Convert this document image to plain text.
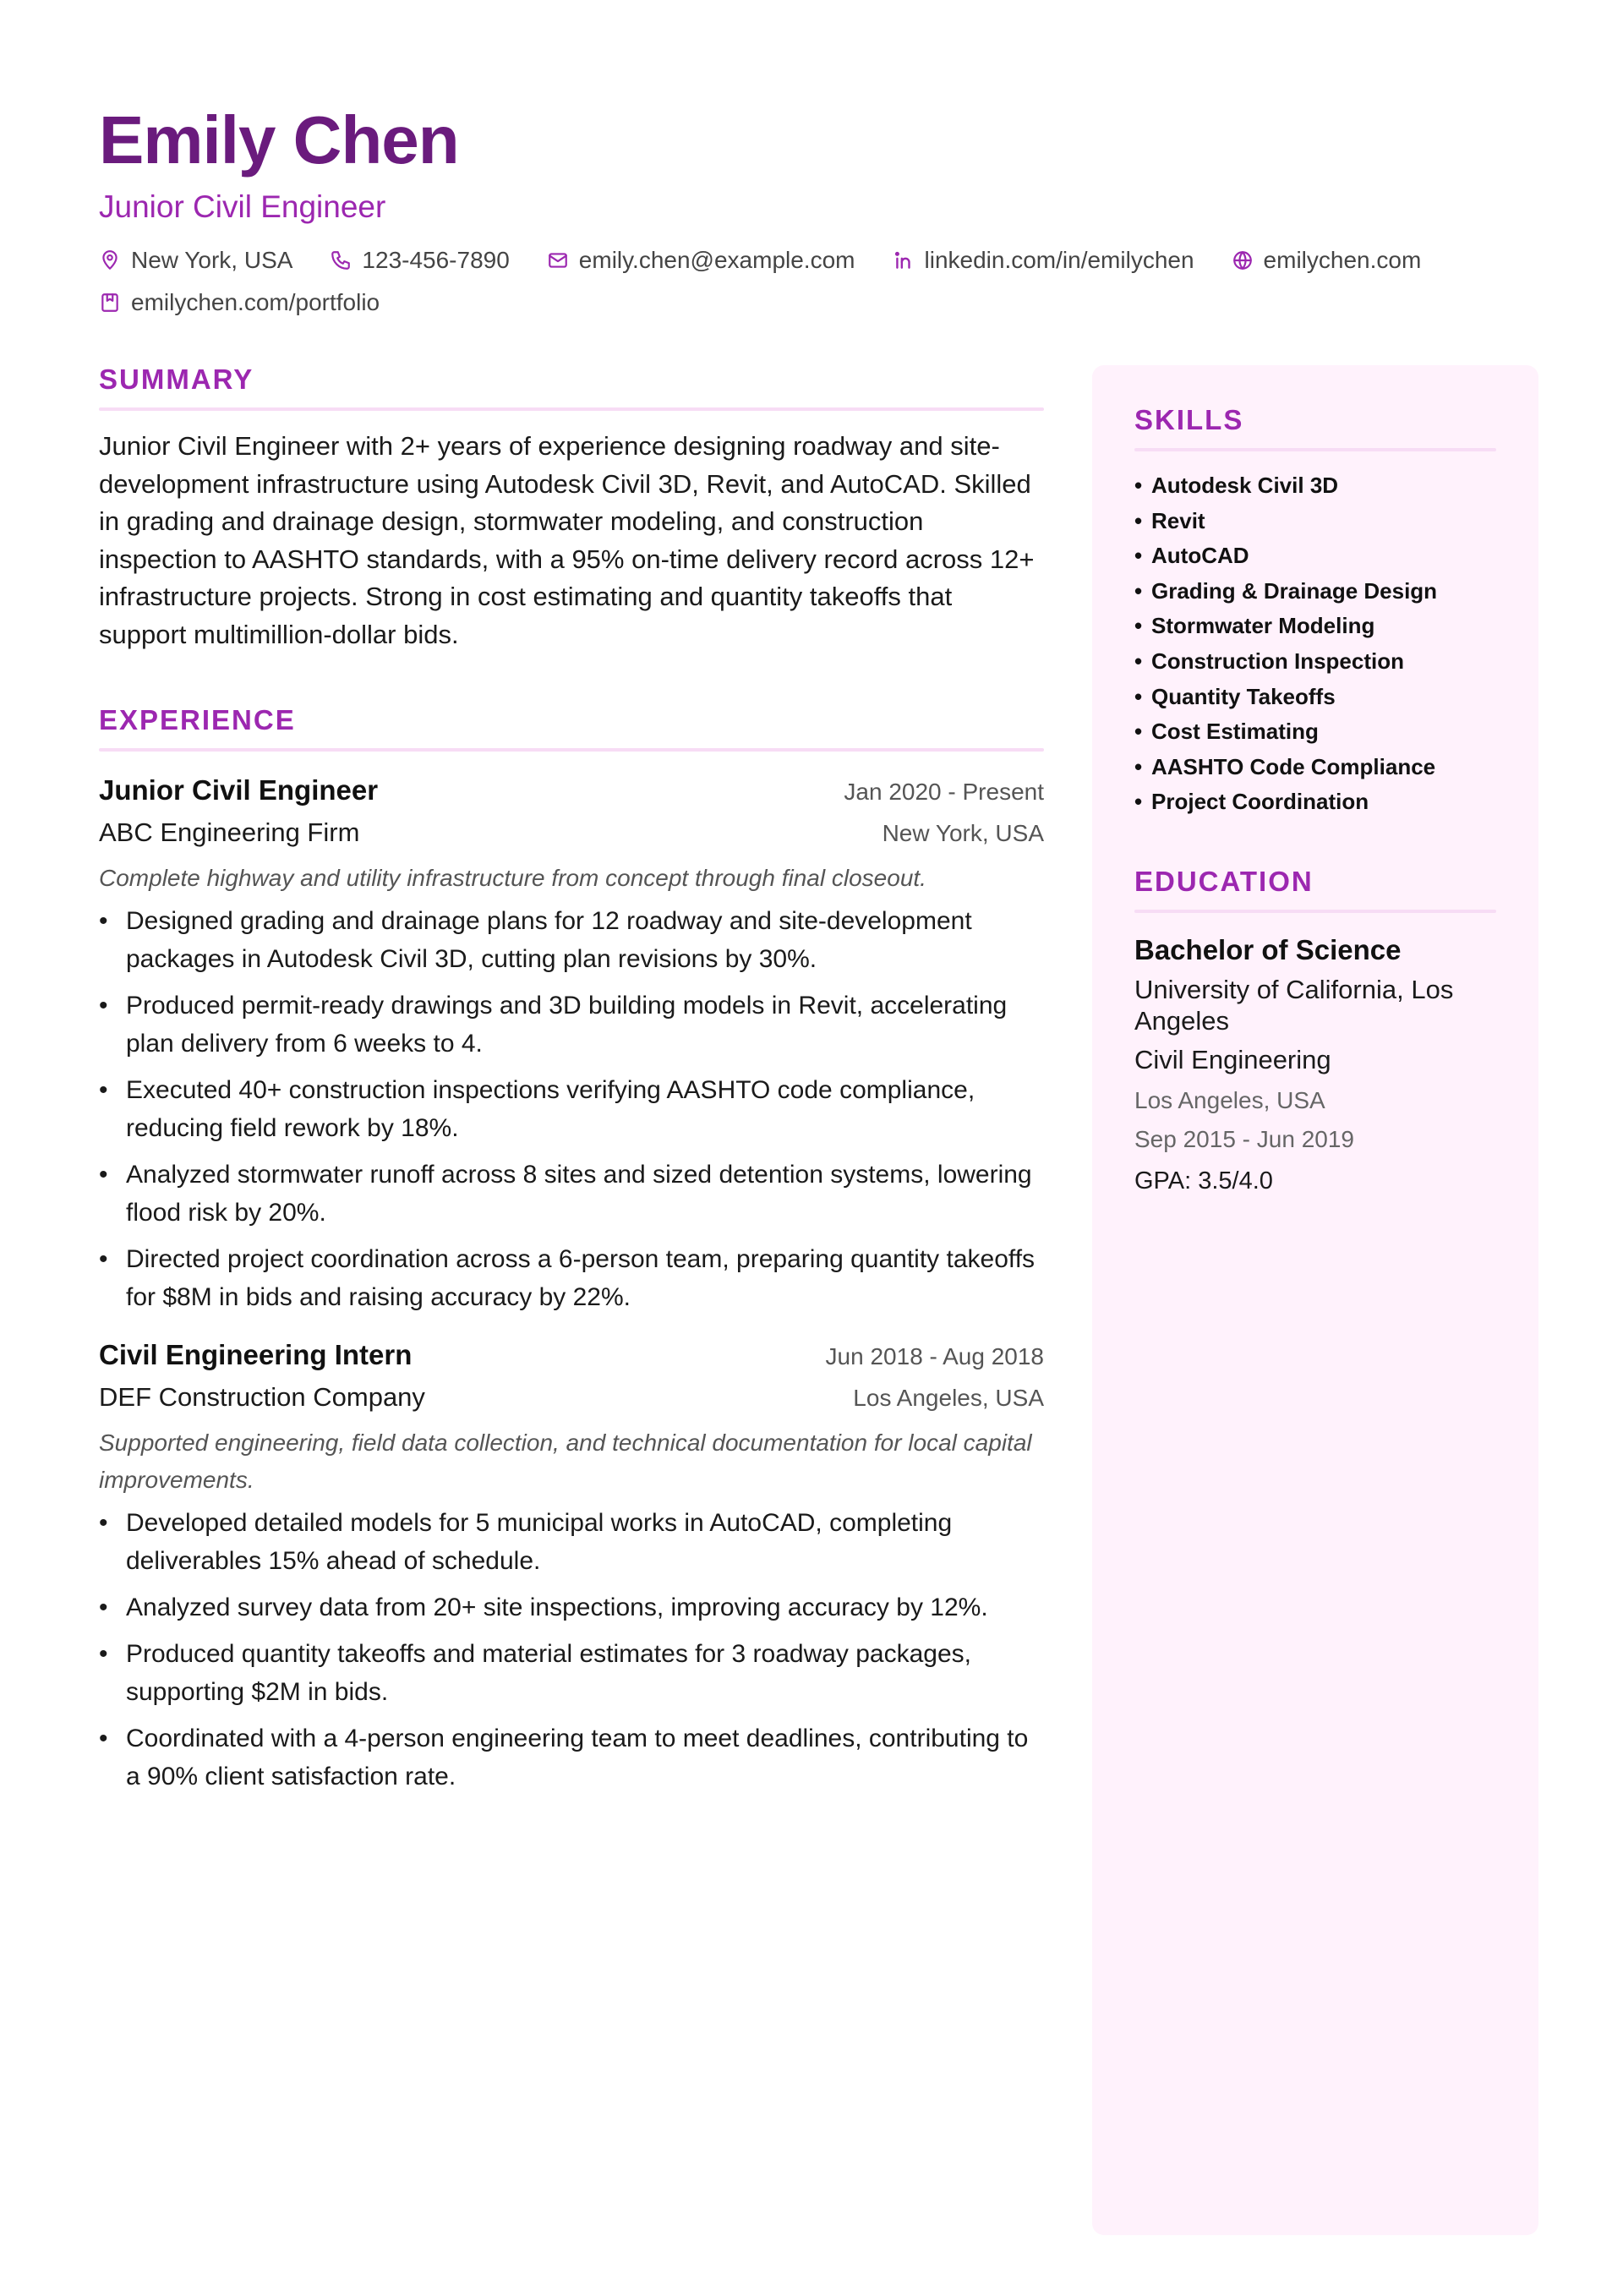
Emily Chen
Junior Civil Engineer
New York, USA	123-456-7890	emily.chen@example.com	linkedin.com/in/emilychen	emilychen.com
emilychen.com/portfolio
SUMMARY

Junior Civil Engineer with 2+ years of experience designing roadway and site-development infrastructure using Autodesk Civil 3D, Revit, and AutoCAD. Skilled in grading and drainage design, stormwater modeling, and construction inspection to AASHTO standards, with a 95% on-time delivery record across 12+ infrastructure projects. Strong in cost estimating and quantity takeoffs that support multimillion-dollar bids.

EXPERIENCE
Junior Civil Engineer	Jan 2020 - Present
ABC Engineering Firm	New York, USA
Complete highway and utility infrastructure from concept through final closeout.
• Designed grading and drainage plans for 12 roadway and site-development packages in Autodesk Civil 3D, cutting plan revisions by 30%.
• Produced permit-ready drawings and 3D building models in Revit, accelerating plan delivery from 6 weeks to 4.
• Executed 40+ construction inspections verifying AASHTO code compliance, reducing field rework by 18%.
• Analyzed stormwater runoff across 8 sites and sized detention systems, lowering flood risk by 20%.
• Directed project coordination across a 6-person team, preparing quantity takeoffs for $8M in bids and raising accuracy by 22%.
Civil Engineering Intern	Jun 2018 - Aug 2018
DEF Construction Company	Los Angeles, USA
Supported engineering, field data collection, and technical documentation for local capital improvements.
• Developed detailed models for 5 municipal works in AutoCAD, completing deliverables 15% ahead of schedule.
• Analyzed survey data from 20+ site inspections, improving accuracy by 12%.
• Produced quantity takeoffs and material estimates for 3 roadway packages, supporting $2M in bids.
• Coordinated with a 4-person engineering team to meet deadlines, contributing to a 90% client satisfaction rate.
SKILLS
• Autodesk Civil 3D
• Revit
• AutoCAD
• Grading & Drainage Design
• Stormwater Modeling
• Construction Inspection
• Quantity Takeoffs
• Cost Estimating
• AASHTO Code Compliance
• Project Coordination
EDUCATION
Bachelor of Science
University of California, Los Angeles
Civil Engineering
Los Angeles, USA
Sep 2015 - Jun 2019
GPA: 3.5/4.0
